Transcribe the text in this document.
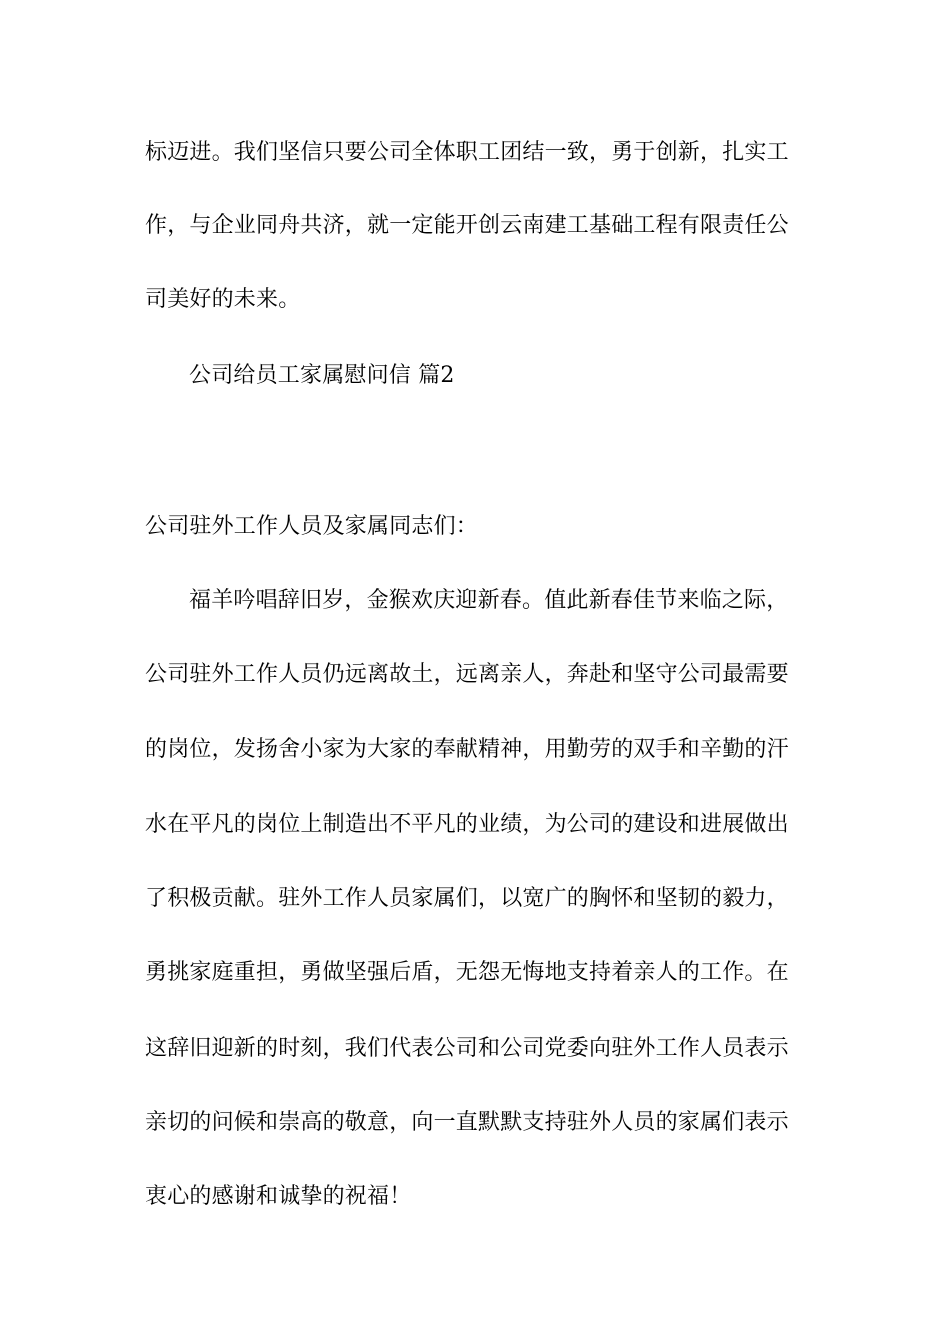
标迈进。我们坚信只要公司全体职工团结一致，勇于创新，扎实工
作，与企业同舟共济，就一定能开创云南建工基础工程有限责任公
司美好的未来。
公司给员工家属慰问信 篇2
公司驻外工作人员及家属同志们：
福羊吟唱辞旧岁，金猴欢庆迎新春。值此新春佳节来临之际，
公司驻外工作人员仍远离故土，远离亲人，奔赴和坚守公司最需要
的岗位，发扬舍小家为大家的奉献精神，用勤劳的双手和辛勤的汗
水在平凡的岗位上制造出不平凡的业绩，为公司的建设和进展做出
了积极贡献。驻外工作人员家属们，以宽广的胸怀和坚韧的毅力，
勇挑家庭重担，勇做坚强后盾，无怨无悔地支持着亲人的工作。在
这辞旧迎新的时刻，我们代表公司和公司党委向驻外工作人员表示
亲切的问候和崇高的敬意，向一直默默支持驻外人员的家属们表示
衷心的感谢和诚挚的祝福！
